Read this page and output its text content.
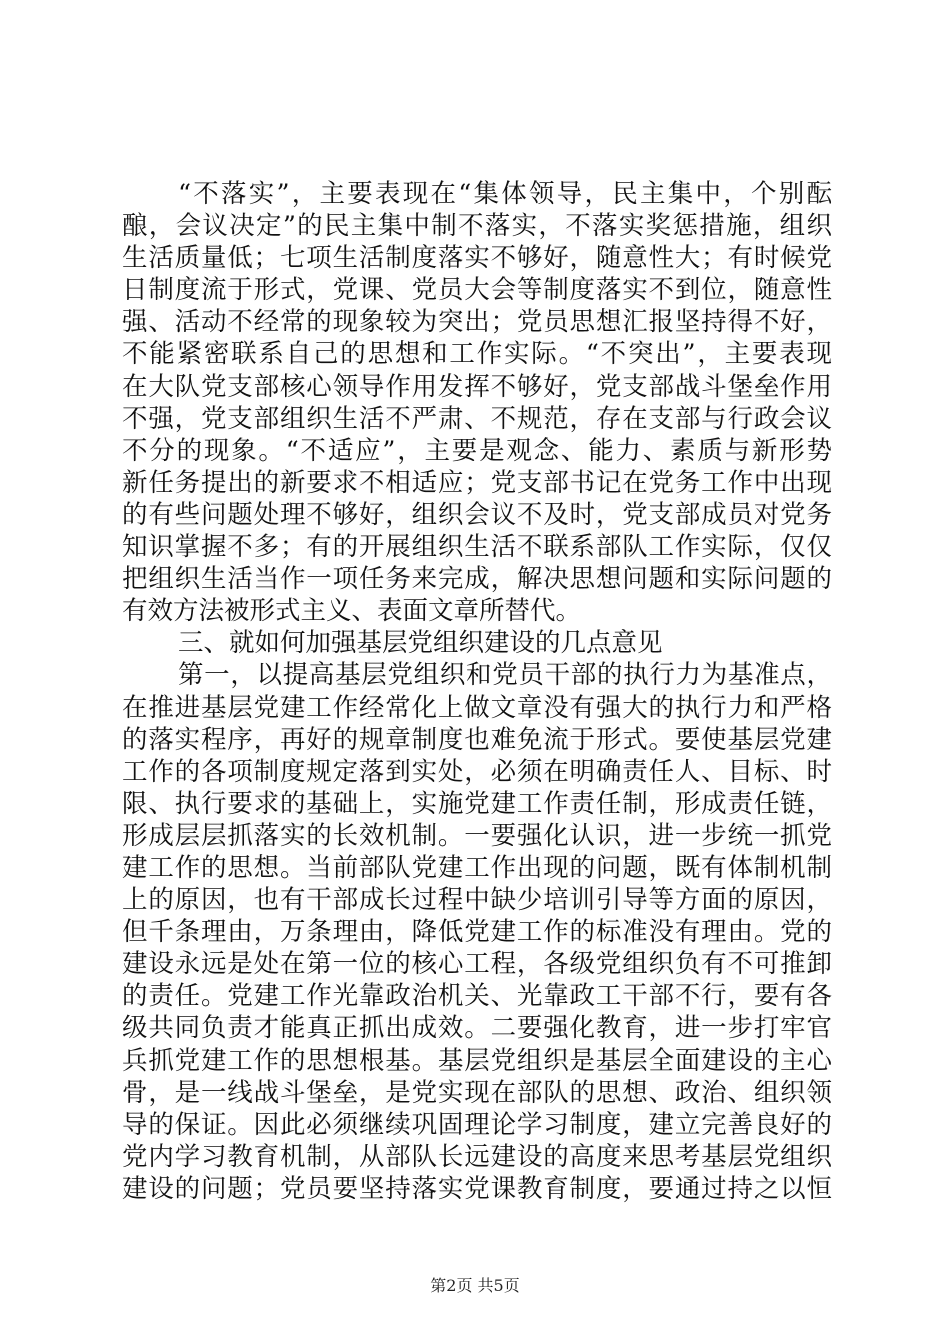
“不落实”，主要表现在“集体领导，民主集中，个别酝
酿，会议决定”的民主集中制不落实，不落实奖惩措施，组织
生活质量低；七项生活制度落实不够好，随意性大；有时候党
日制度流于形式，党课、党员大会等制度落实不到位，随意性
强、活动不经常的现象较为突出；党员思想汇报坚持得不好，
不能紧密联系自己的思想和工作实际。“不突出”，主要表现
在大队党支部核心领导作用发挥不够好，党支部战斗堡垒作用
不强，党支部组织生活不严肃、不规范，存在支部与行政会议
不分的现象。“不适应”，主要是观念、能力、素质与新形势
新任务提出的新要求不相适应；党支部书记在党务工作中出现
的有些问题处理不够好，组织会议不及时，党支部成员对党务
知识掌握不多；有的开展组织生活不联系部队工作实际，仅仅
把组织生活当作一项任务来完成，解决思想问题和实际问题的
有效方法被形式主义、表面文章所替代。
三、就如何加强基层党组织建设的几点意见
第一，以提高基层党组织和党员干部的执行力为基准点，
在推进基层党建工作经常化上做文章没有强大的执行力和严格
的落实程序，再好的规章制度也难免流于形式。要使基层党建
工作的各项制度规定落到实处，必须在明确责任人、目标、时
限、执行要求的基础上，实施党建工作责任制，形成责任链，
形成层层抓落实的长效机制。一要强化认识，进一步统一抓党
建工作的思想。当前部队党建工作出现的问题，既有体制机制
上的原因，也有干部成长过程中缺少培训引导等方面的原因，
但千条理由，万条理由，降低党建工作的标准没有理由。党的
建设永远是处在第一位的核心工程，各级党组织负有不可推卸
的责任。党建工作光靠政治机关、光靠政工干部不行，要有各
级共同负责才能真正抓出成效。二要强化教育，进一步打牢官
兵抓党建工作的思想根基。基层党组织是基层全面建设的主心
骨，是一线战斗堡垒，是党实现在部队的思想、政治、组织领
导的保证。因此必须继续巩固理论学习制度，建立完善良好的
党内学习教育机制，从部队长远建设的高度来思考基层党组织
建设的问题；党员要坚持落实党课教育制度，要通过持之以恒
第2页 共5页
